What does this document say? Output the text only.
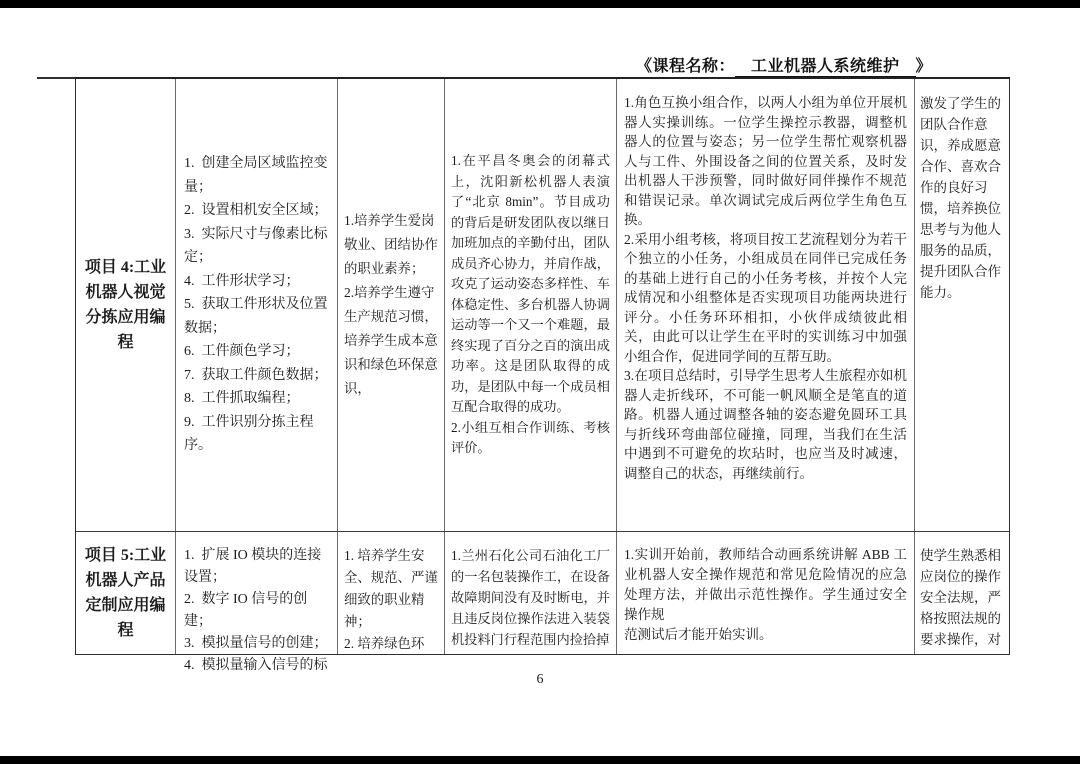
《课程名称： 工业机器人系统维护 》
项目 4:工业机器人视觉分拣应用编程

1.  创建全局区域监控变量；

2.  设置相机安全区域；

3.  实际尺寸与像素比标定；

4.  工件形状学习；

5.  获取工件形状及位置数据；

6.  工件颜色学习；

7.  获取工件颜色数据；

8.  工件抓取编程；

9.  工件识别分拣主程序。

1.培养学生爱岗敬业、团结协作的职业素养；

2.培养学生遵守生产规范习惯，培养学生成本意识和绿色环保意识，

1.在平昌冬奥会的闭幕式上，沈阳新松机器人表演了“北京 8min”。节目成功的背后是研发团队夜以继日加班加点的辛勤付出，团队成员齐心协力，并肩作战，攻克了运动姿态多样性、车体稳定性、多台机器人协调运动等一个又一个难题，最终实现了百分之百的演出成功率。这是团队取得的成功，是团队中每一个成员相互配合取得的成功。

2.小组互相合作训练、考核评价。

1.角色互换小组合作，以两人小组为单位开展机器人实操训练。一位学生操控示教器，调整机器人的位置与姿态；另一位学生帮忙观察机器人与工件、外围设备之间的位置关系，及时发出机器人干涉预警，同时做好同伴操作不规范和错误记录。单次调试完成后两位学生角色互换。

2.采用小组考核，将项目按工艺流程划分为若干个独立的小任务，小组成员在同伴已完成任务的基础上进行自己的小任务考核，并按个人完成情况和小组整体是否实现项目功能两块进行评分。小任务环环相扣，小伙伴成绩彼此相关，由此可以让学生在平时的实训练习中加强小组合作，促进同学间的互帮互助。

3.在项目总结时，引导学生思考人生旅程亦如机器人走折线环，不可能一帆风顺全是笔直的道路。机器人通过调整各轴的姿态避免圆环工具与折线环弯曲部位碰撞，同理，当我们在生活中遇到不可避免的坎玷时，也应当及时减速，调整自己的状态，再继续前行。

激发了学生的团队合作意识，养成愿意合作、喜欢合作的良好习惯，培养换位思考与为他人服务的品质，提升团队合作能力。

项目 5:工业机器人产品定制应用编程

1.  扩展 IO 模块的连接设置；

2.  数字 IO 信号的创建；

3.  模拟量信号的创建；

4.  模拟量输入信号的标

1. 培养学生安全、规范、严谨细致的职业精神；

2. 培养绿色环

1.兰州石化公司石油化工厂的一名包装操作工，在设备故障期间没有及时断电，并且违反岗位操作法进入装袋机投料门行程范围内捡拾掉

1.实训开始前，教师结合动画系统讲解 ABB 工业机器人安全操作规范和常见危险情况的应急处理方法，并做出示范性操作。学生通过安全操作规

范测试后才能开始实训。

使学生熟悉相应岗位的操作安全法规，严格按照法规的要求操作，对

6
